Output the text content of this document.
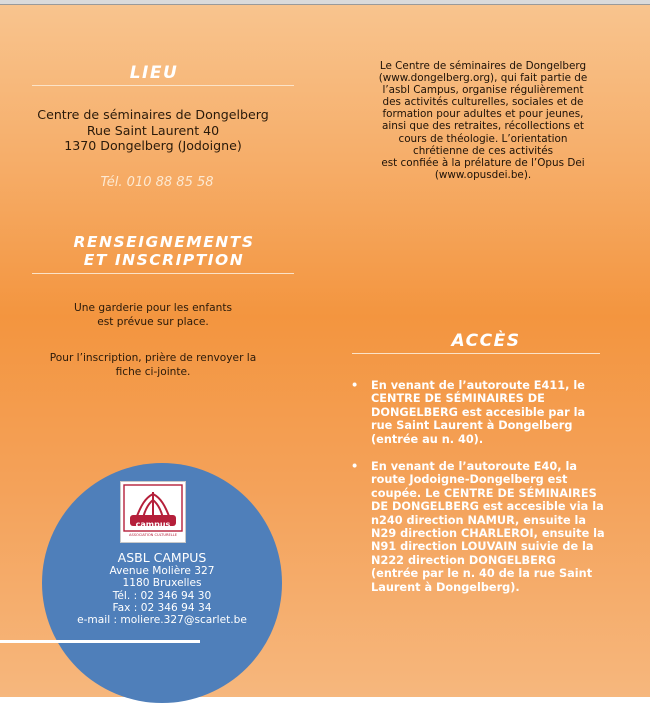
LIEU
Centre de séminaires de Dongelberg
Rue Saint Laurent 40
1370 Dongelberg (Jodoigne)
Tél. 010 88 85 58
RENSEIGNEMENTS
ET INSCRIPTION
Une garderie pour les enfants
est prévue sur place.
Pour l’inscription, prière de renvoyer la
fiche ci-jointe.
campus
ASSOCIATION CULTURELLE
ASBL CAMPUS
Avenue Molière 327
1180 Bruxelles
Tél. : 02 346 94 30
Fax : 02 346 94 34
e-mail : moliere.327@scarlet.be
Le Centre de séminaires de Dongelberg
(www.dongelberg.org), qui fait partie de
l’asbl Campus, organise régulièrement
des activités culturelles, sociales et de
formation pour adultes et pour jeunes,
ainsi que des retraites, récollections et
cours de théologie. L’orientation
chrétienne de ces activités
est confiée à la prélature de l’Opus Dei
(www.opusdei.be).
ACCÈS
• En venant de l’autoroute E411, le
CENTRE DE SÉMINAIRES DE
DONGELBERG est accesible par la
rue Saint Laurent à Dongelberg
(entrée au n. 40).
• En venant de l’autoroute E40, la
route Jodoigne-Dongelberg est
coupée. Le CENTRE DE SÉMINAIRES
DE DONGELBERG est accesible via la
n240 direction NAMUR, ensuite la
N29 direction CHARLEROI, ensuite la
N91 direction LOUVAIN suivie de la
N222 direction DONGELBERG
(entrée par le n. 40 de la rue Saint
Laurent à Dongelberg).
